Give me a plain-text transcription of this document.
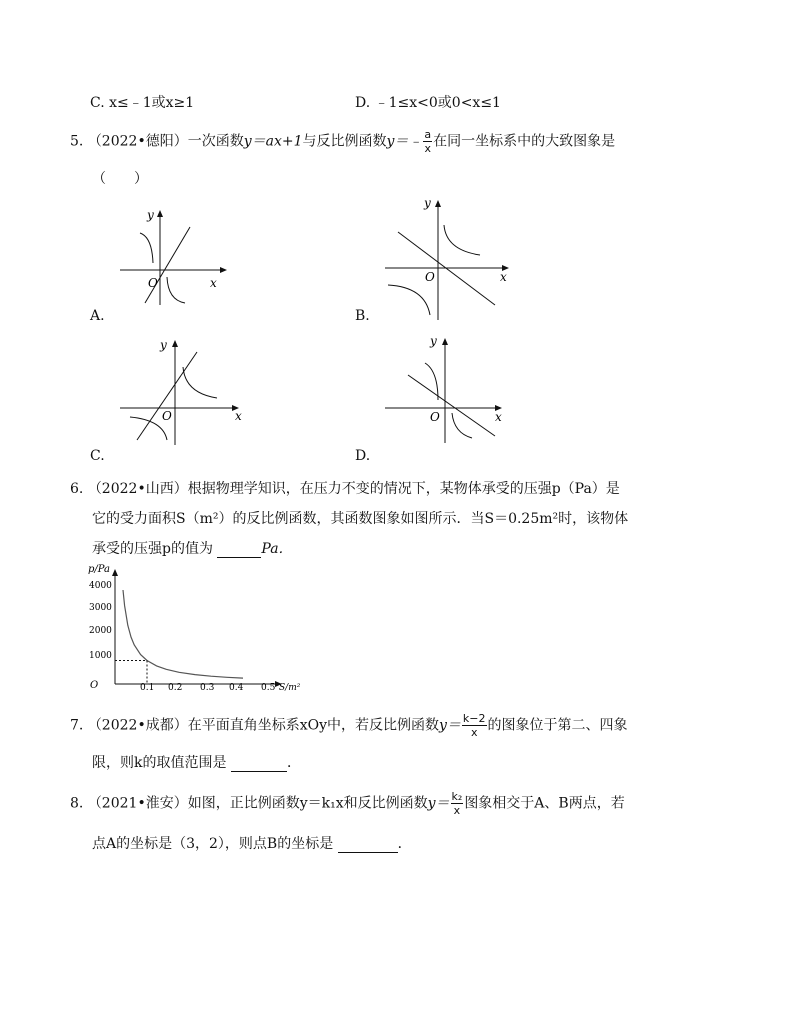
C. x≤﹣1或x≥1	D. ﹣1≤x<0或0<x≤1
5. （2022•德阳）一次函数y＝ax+1与反比例函数y＝﹣ $\frac{a}{x}$ 在同一坐标系中的大致图象是
（　　）
O	x
y
A.
O	x
y
B.
O	x
y
C.
O	x
y
D.
6. （2022•山西）根据物理学知识，在压力不变的情况下，某物体承受的压强p（Pa）是
它的受力面积S（m²）的反比例函数，其函数图象如图所示．当S＝0.25m²时，该物体
承受的压强p的值为	Pa．
p/Pa
O
4000
3000
2000
1000
0.1 0.2 0.3 0.4 0.5 S/m²
7. （2022•成都）在平面直角坐标系xOy中，若反比例函数$y= \frac{k-2}{x}$ 的图象位于第二、四象
限，则k的取值范围是	．
8. （2021•淮安）如图，正比例函数y＝k₁x和反比例函数$y= \frac{\text{k₂}}{x}$ 图象相交于A、B两点，若
点A的坐标是（3，2），则点B的坐标是	．
